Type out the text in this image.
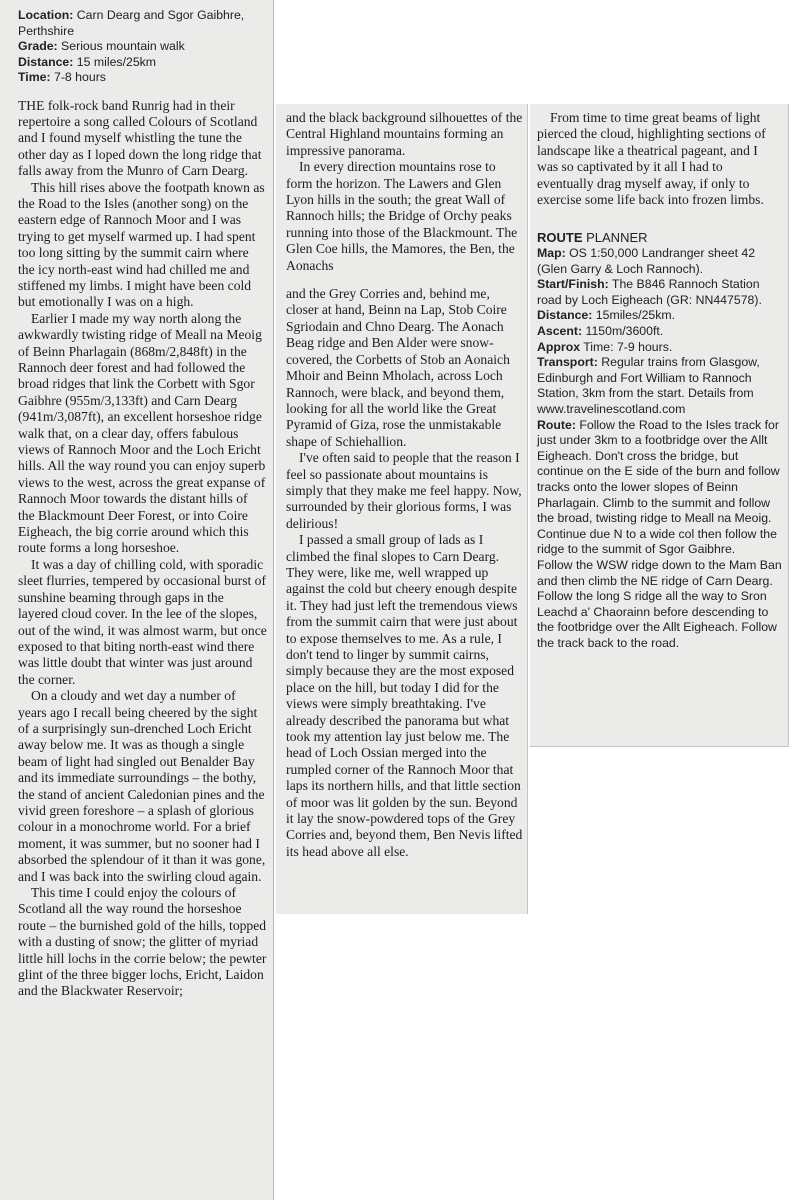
Location: Carn Dearg and Sgor Gaibhre, Perthshire
Grade: Serious mountain walk
Distance: 15 miles/25km
Time: 7-8 hours

THE folk-rock band Runrig had in their repertoire a song called Colours of Scotland and I found myself whistling the tune the other day as I loped down the long ridge that falls away from the Munro of Carn Dearg.

This hill rises above the footpath known as the Road to the Isles (another song) on the eastern edge of Rannoch Moor and I was trying to get myself warmed up. I had spent too long sitting by the summit cairn where the icy north-east wind had chilled me and stiffened my limbs. I might have been cold but emotionally I was on a high.

Earlier I made my way north along the awkwardly twisting ridge of Meall na Meoig of Beinn Pharlagain (868m/2,848ft) in the Rannoch deer forest and had followed the broad ridges that link the Corbett with Sgor Gaibhre (955m/3,133ft) and Carn Dearg (941m/3,087ft), an excellent horseshoe ridge walk that, on a clear day, offers fabulous views of Rannoch Moor and the Loch Ericht hills. All the way round you can enjoy superb views to the west, across the great expanse of Rannoch Moor towards the distant hills of the Blackmount Deer Forest, or into Coire Eigheach, the big corrie around which this route forms a long horseshoe.

It was a day of chilling cold, with sporadic sleet flurries, tempered by occasional burst of sunshine beaming through gaps in the layered cloud cover. In the lee of the slopes, out of the wind, it was almost warm, but once exposed to that biting north-east wind there was little doubt that winter was just around the corner.

On a cloudy and wet day a number of years ago I recall being cheered by the sight of a surprisingly sun-drenched Loch Ericht away below me. It was as though a single beam of light had singled out Benalder Bay and its immediate surroundings – the bothy, the stand of ancient Caledonian pines and the vivid green foreshore – a splash of glorious colour in a monochrome world. For a brief moment, it was summer, but no sooner had I absorbed the splendour of it than it was gone, and I was back into the swirling cloud again.

This time I could enjoy the colours of Scotland all the way round the horseshoe route – the burnished gold of the hills, topped with a dusting of snow; the glitter of myriad little hill lochs in the corrie below; the pewter glint of the three bigger lochs, Ericht, Laidon and the Blackwater Reservoir;

and the black background silhouettes of the Central Highland mountains forming an impressive panorama.

In every direction mountains rose to form the horizon. The Lawers and Glen Lyon hills in the south; the great Wall of Rannoch hills; the Bridge of Orchy peaks running into those of the Blackmount. The Glen Coe hills, the Mamores, the Ben, the Aonachs

and the Grey Corries and, behind me, closer at hand, Beinn na Lap, Stob Coire Sgriodain and Chno Dearg. The Aonach Beag ridge and Ben Alder were snow-covered, the Corbetts of Stob an Aonaich Mhoir and Beinn Mholach, across Loch Rannoch, were black, and beyond them, looking for all the world like the Great Pyramid of Giza, rose the unmistakable shape of Schiehallion.

I've often said to people that the reason I feel so passionate about mountains is simply that they make me feel happy. Now, surrounded by their glorious forms, I was delirious!

I passed a small group of lads as I climbed the final slopes to Carn Dearg. They were, like me, well wrapped up against the cold but cheery enough despite it. They had just left the tremendous views from the summit cairn that were just about to expose themselves to me. As a rule, I don't tend to linger by summit cairns, simply because they are the most exposed place on the hill, but today I did for the views were simply breathtaking. I've already described the panorama but what took my attention lay just below me. The head of Loch Ossian merged into the rumpled corner of the Rannoch Moor that laps its northern hills, and that little section of moor was lit golden by the sun. Beyond it lay the snow-powdered tops of the Grey Corries and, beyond them, Ben Nevis lifted its head above all else.

From time to time great beams of light pierced the cloud, highlighting sections of landscape like a theatrical pageant, and I was so captivated by it all I had to eventually drag myself away, if only to exercise some life back into frozen limbs.

ROUTE PLANNER

Map: OS 1:50,000 Landranger sheet 42 (Glen Garry & Loch Rannoch).

Start/Finish: The B846 Rannoch Station road by Loch Eigheach (GR: NN447578).

Distance: 15miles/25km.

Ascent: 1150m/3600ft.

Approx Time: 7-9 hours.

Transport: Regular trains from Glasgow, Edinburgh and Fort William to Rannoch Station, 3km from the start. Details from www.travelinescotland.com

Route: Follow the Road to the Isles track for just under 3km to a footbridge over the Allt Eigheach. Don't cross the bridge, but continue on the E side of the burn and follow tracks onto the lower slopes of Beinn Pharlagain. Climb to the summit and follow the broad, twisting ridge to Meall na Meoig. Continue due N to a wide col then follow the ridge to the summit of Sgor Gaibhre.

Follow the WSW ridge down to the Mam Ban and then climb the NE ridge of Carn Dearg. Follow the long S ridge all the way to Sron Leachd a' Chaorainn before descending to the footbridge over the Allt Eigheach. Follow the track back to the road.
